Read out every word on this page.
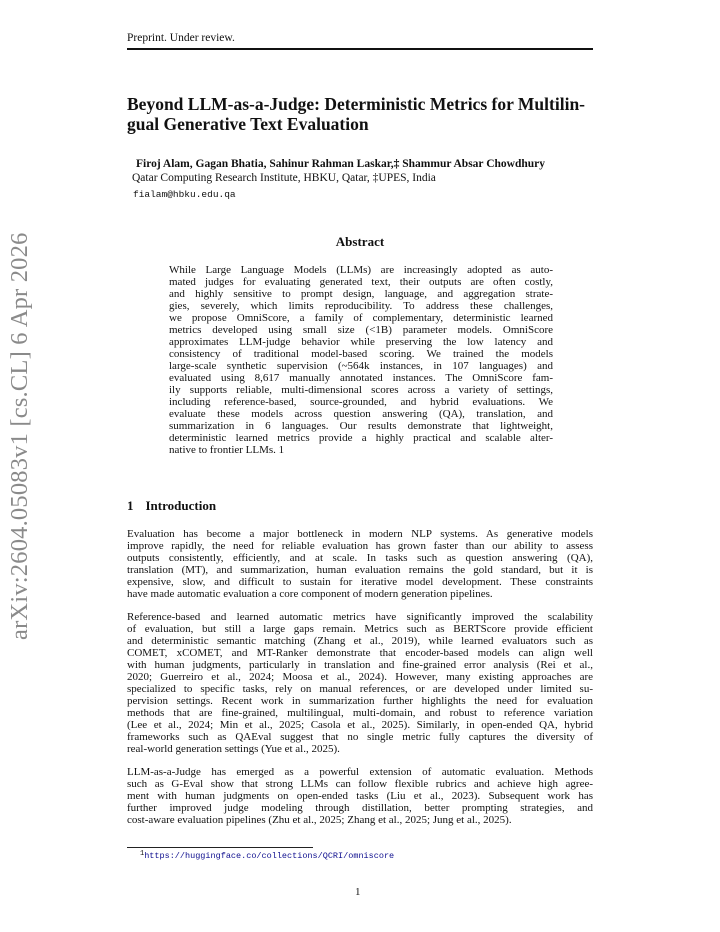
Preprint. Under review.
arXiv:2604.05083v1 [cs.CL] 6 Apr 2026
Beyond LLM-as-a-Judge: Deterministic Metrics for Multilin-
gual Generative Text Evaluation
Firoj Alam, Gagan Bhatia, Sahinur Rahman Laskar,‡ Shammur Absar Chowdhury
Qatar Computing Research Institute, HBKU, Qatar, ‡UPES, India
fialam@hbku.edu.qa
Abstract
While Large Language Models (LLMs) are increasingly adopted as auto-
mated judges for evaluating generated text, their outputs are often costly,
and highly sensitive to prompt design, language, and aggregation strate-
gies, severely, which limits reproducibility. To address these challenges,
we propose OmniScore, a family of complementary, deterministic learned
metrics developed using small size (<1B) parameter models. OmniScore
approximates LLM-judge behavior while preserving the low latency and
consistency of traditional model-based scoring. We trained the models
large-scale synthetic supervision (~564k instances, in 107 languages) and
evaluated using 8,617 manually annotated instances. The OmniScore fam-
ily supports reliable, multi-dimensional scores across a variety of settings,
including reference-based, source-grounded, and hybrid evaluations. We
evaluate these models across question answering (QA), translation, and
summarization in 6 languages. Our results demonstrate that lightweight,
deterministic learned metrics provide a highly practical and scalable alter-
native to frontier LLMs. 1
1 Introduction
Evaluation has become a major bottleneck in modern NLP systems. As generative models
improve rapidly, the need for reliable evaluation has grown faster than our ability to assess
outputs consistently, efficiently, and at scale. In tasks such as question answering (QA),
translation (MT), and summarization, human evaluation remains the gold standard, but it is
expensive, slow, and difficult to sustain for iterative model development. These constraints
have made automatic evaluation a core component of modern generation pipelines.
Reference-based and learned automatic metrics have significantly improved the scalability
of evaluation, but still a large gaps remain. Metrics such as BERTScore provide efficient
and deterministic semantic matching (Zhang et al., 2019), while learned evaluators such as
COMET, xCOMET, and MT-Ranker demonstrate that encoder-based models can align well
with human judgments, particularly in translation and fine-grained error analysis (Rei et al.,
2020; Guerreiro et al., 2024; Moosa et al., 2024). However, many existing approaches are
specialized to specific tasks, rely on manual references, or are developed under limited su-
pervision settings. Recent work in summarization further highlights the need for evaluation
methods that are fine-grained, multilingual, multi-domain, and robust to reference variation
(Lee et al., 2024; Min et al., 2025; Casola et al., 2025). Similarly, in open-ended QA, hybrid
frameworks such as QAEval suggest that no single metric fully captures the diversity of
real-world generation settings (Yue et al., 2025).
LLM-as-a-Judge has emerged as a powerful extension of automatic evaluation. Methods
such as G-Eval show that strong LLMs can follow flexible rubrics and achieve high agree-
ment with human judgments on open-ended tasks (Liu et al., 2023). Subsequent work has
further improved judge modeling through distillation, better prompting strategies, and
cost-aware evaluation pipelines (Zhu et al., 2025; Zhang et al., 2025; Jung et al., 2025).
$^1$https://huggingface.co/collections/QCRI/omniscore
1
